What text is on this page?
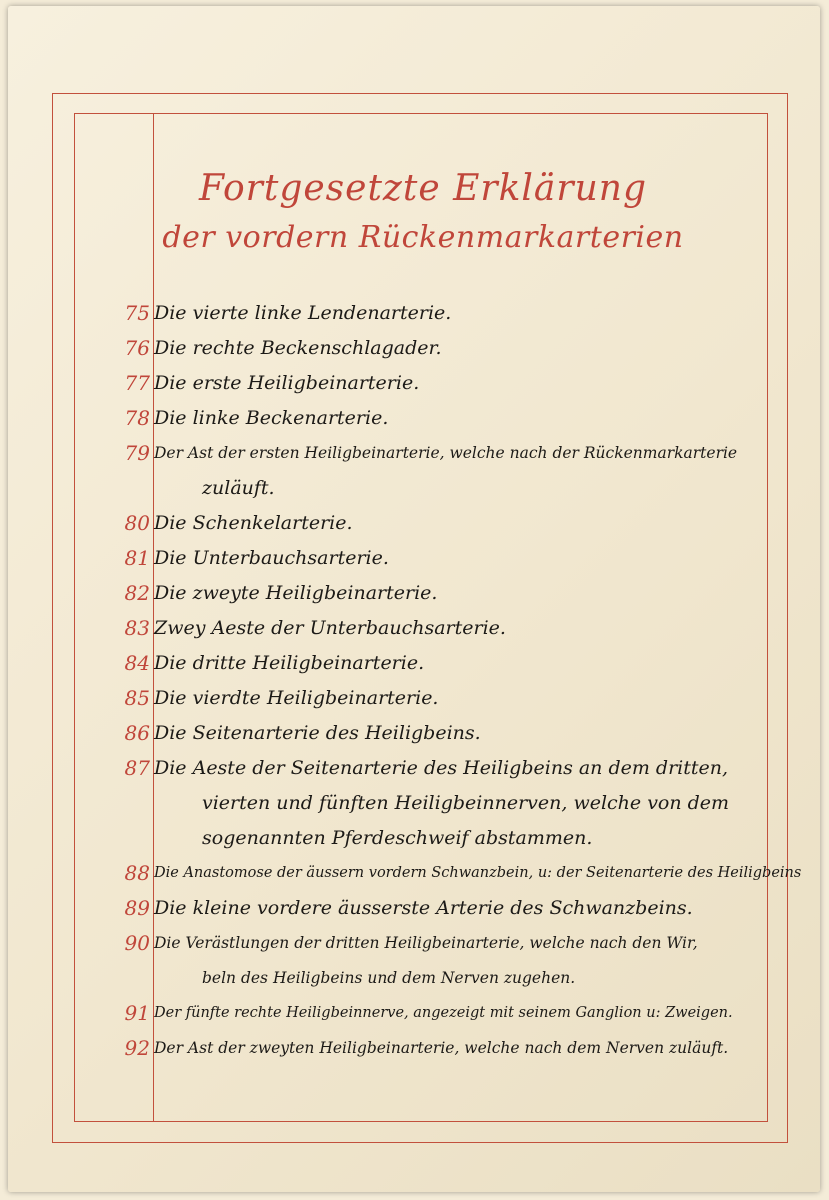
Fortgesetzte Erklärung
der vordern Rückenmarkarterien
75 Die vierte linke Lendenarterie.
76 Die rechte Beckenschlagader.
77 Die erste Heiligbeinarterie.
78 Die linke Beckenarterie.
79 Der Ast der ersten Heiligbeinarterie, welche nach der Rückenmarkarterie
zuläuft.
80 Die Schenkelarterie.
81 Die Unterbauchsarterie.
82 Die zweyte Heiligbeinarterie.
83 Zwey Aeste der Unterbauchsarterie.
84 Die dritte Heiligbeinarterie.
85 Die vierdte Heiligbeinarterie.
86 Die Seitenarterie des Heiligbeins.
87 Die Aeste der Seitenarterie des Heiligbeins an dem dritten,
vierten und fünften Heiligbeinnerven, welche von dem
sogenannten Pferdeschweif abstammen.
88 Die Anastomose der äussern vordern Schwanzbein, u: der Seitenarterie des Heiligbeins
89 Die kleine vordere äusserste Arterie des Schwanzbeins.
90 Die Verästlungen der dritten Heiligbeinarterie, welche nach den Wir,
beln des Heiligbeins und dem Nerven zugehen.
91 Der fünfte rechte Heiligbeinnerve, angezeigt mit seinem Ganglion u: Zweigen.
92 Der Ast der zweyten Heiligbeinarterie, welche nach dem Nerven zuläuft.
